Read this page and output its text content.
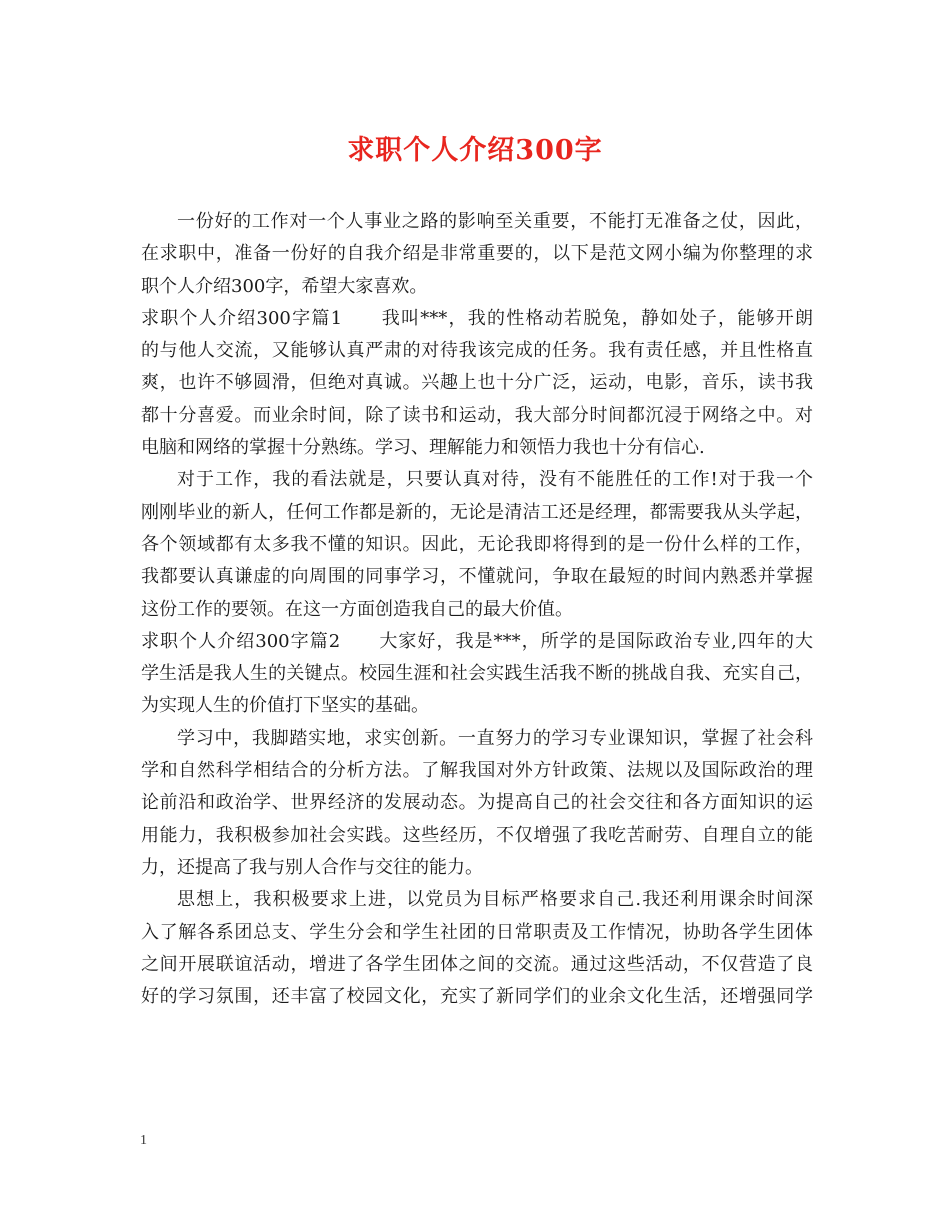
求职个人介绍300字
一份好的工作对一个人事业之路的影响至关重要，不能打无准备之仗，因此，
在求职中，准备一份好的自我介绍是非常重要的，以下是范文网小编为你整理的求
职个人介绍300字，希望大家喜欢。
求职个人介绍300字篇1　　我叫***，我的性格动若脱兔，静如处子，能够开朗
的与他人交流，又能够认真严肃的对待我该完成的任务。我有责任感，并且性格直
爽，也许不够圆滑，但绝对真诚。兴趣上也十分广泛，运动，电影，音乐，读书我
都十分喜爱。而业余时间，除了读书和运动，我大部分时间都沉浸于网络之中。对
电脑和网络的掌握十分熟练。学习、理解能力和领悟力我也十分有信心.
对于工作，我的看法就是，只要认真对待，没有不能胜任的工作!对于我一个
刚刚毕业的新人，任何工作都是新的，无论是清洁工还是经理，都需要我从头学起，
各个领域都有太多我不懂的知识。因此，无论我即将得到的是一份什么样的工作，
我都要认真谦虚的向周围的同事学习，不懂就问，争取在最短的时间内熟悉并掌握
这份工作的要领。在这一方面创造我自己的最大价值。
求职个人介绍300字篇2　　大家好，我是***，所学的是国际政治专业,四年的大
学生活是我人生的关键点。校园生涯和社会实践生活我不断的挑战自我、充实自己，
为实现人生的价值打下坚实的基础。
学习中，我脚踏实地，求实创新。一直努力的学习专业课知识，掌握了社会科
学和自然科学相结合的分析方法。了解我国对外方针政策、法规以及国际政治的理
论前沿和政治学、世界经济的发展动态。为提高自己的社会交往和各方面知识的运
用能力，我积极参加社会实践。这些经历，不仅增强了我吃苦耐劳、自理自立的能
力，还提高了我与别人合作与交往的能力。
思想上，我积极要求上进，以党员为目标严格要求自己.我还利用课余时间深
入了解各系团总支、学生分会和学生社团的日常职责及工作情况，协助各学生团体
之间开展联谊活动，增进了各学生团体之间的交流。通过这些活动，不仅营造了良
好的学习氛围，还丰富了校园文化，充实了新同学们的业余文化生活，还增强同学
1
